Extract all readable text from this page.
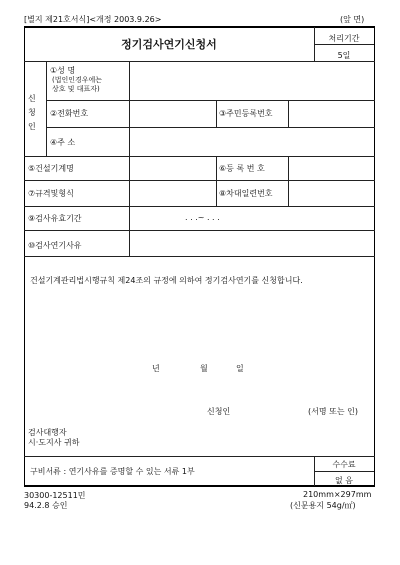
[별지 제21호서식]<개정 2003.9.26>	(앞 면)
정기검사연기신청서	처리기간
5일
신
청
인
①성 명
(법인인경우에는
상호 및 대표자)
②전화번호	③주민등록번호
④주 소
⑤건설기계명	⑥등 록 번 호
⑦규격및형식	⑧차대일련번호
⑨검사유효기간	. . .~ . . .
⑩검사연기사유
건설기계관리법시행규칙 제24조의 규정에 의하여 정기검사연기를 신청합니다.
년	월	일
신청인	(서명 또는 인)
검사대행자
시·도지사 귀하
구비서류 : 연기사유를 증명할 수 있는 서류 1부
수수료
없 음
30300-12511민
94.2.8 승인
210mm×297mm
(신문용지 54g/㎡)
